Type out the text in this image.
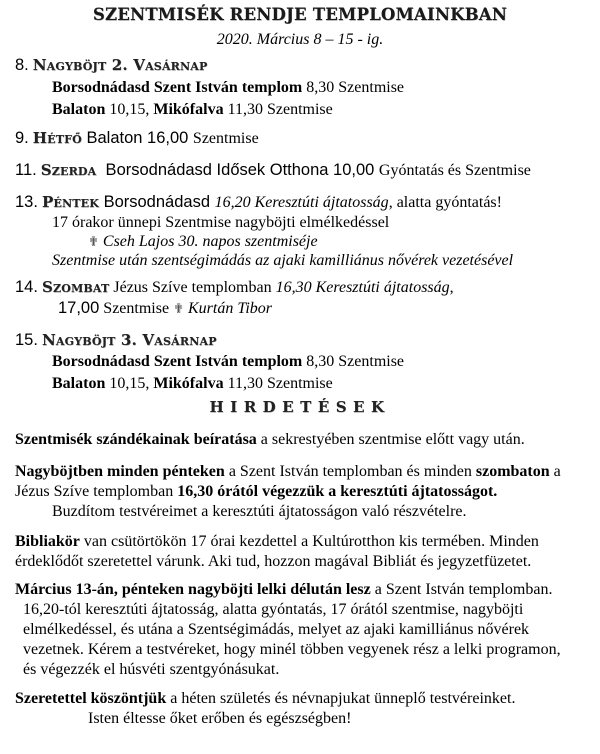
SZENTMISÉK RENDJE TEMPLOMAINKBAN
2020. Március 8 – 15 - ig.
8. Nagyböjt 2. Vasárnap
Borsodnádasd Szent István templom 8,30 Szentmise
Balaton 10,15, Mikófalva 11,30 Szentmise
9. Hétfő Balaton 16,00 Szentmise
11. Szerda  Borsodnádasd Idősek Otthona 10,00 Gyóntatás és Szentmise
13. Péntek Borsodnádasd 16,20 Keresztúti ájtatosság, alatta gyóntatás!
17 órakor ünnepi Szentmise nagyböjti elmélkedéssel
✟ Cseh Lajos 30. napos szentmiséje
Szentmise után szentségimádás az ajaki kamilliánus nővérek vezetésével
14. Szombat Jézus Szíve templomban 16,30 Keresztúti ájtatosság,
17,00 Szentmise ✟ Kurtán Tibor
15. Nagyböjt 3. Vasárnap
Borsodnádasd Szent István templom 8,30 Szentmise
Balaton 10,15, Mikófalva 11,30 Szentmise
HIRDETÉSEK
Szentmisék szándékainak beíratása a sekrestyében szentmise előtt vagy után.
Nagyböjtben minden pénteken a Szent István templomban és minden szombaton a
Jézus Szíve templomban 16,30 órától végezzük a keresztúti ájtatosságot.
Buzdítom testvéreimet a keresztúti ájtatosságon való részvételre.
Bibliakör van csütörtökön 17 órai kezdettel a Kultúrotthon kis termében. Minden
érdeklődőt szeretettel várunk. Aki tud, hozzon magával Bibliát és jegyzetfüzetet.
Március 13-án, pénteken nagyböjti lelki délután lesz a Szent István templomban.
16,20-tól keresztúti ájtatosság, alatta gyóntatás, 17 órától szentmise, nagyböjti
elmélkedéssel, és utána a Szentségimádás, melyet az ajaki kamilliánus nővérek
vezetnek. Kérem a testvéreket, hogy minél többen vegyenek rész a lelki programon,
és végezzék el húsvéti szentgyónásukat.
Szeretettel köszöntjük a héten születés és névnapjukat ünneplő testvéreinket.
Isten éltesse őket erőben és egészségben!
